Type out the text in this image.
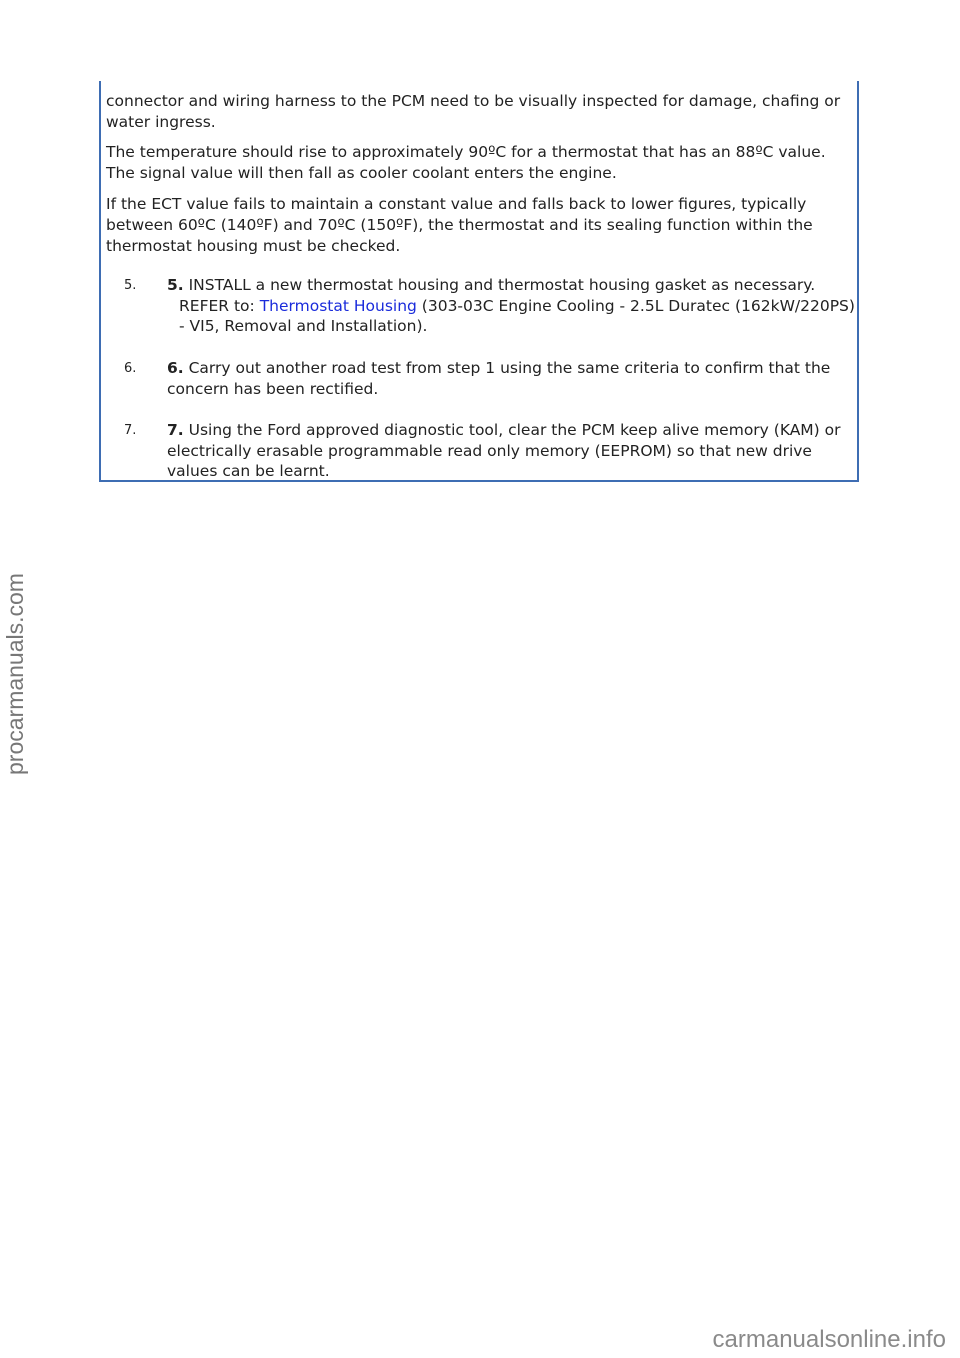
connector and wiring harness to the PCM need to be visually inspected for damage, chafing or water ingress.

The temperature should rise to approximately 90ºC for a thermostat that has an 88ºC value. The signal value will then fall as cooler coolant enters the engine.

If the ECT value fails to maintain a constant value and falls back to lower figures, typically between 60ºC (140ºF) and 70ºC (150ºF), the thermostat and its sealing function within the thermostat housing must be checked.

5. 5. INSTALL a new thermostat housing and thermostat housing gasket as necessary.
REFER to: Thermostat Housing (303-03C Engine Cooling - 2.5L Duratec (162kW/220PS) - VI5, Removal and Installation).
6. 6. Carry out another road test from step 1 using the same criteria to confirm that the concern has been rectified.
7. 7. Using the Ford approved diagnostic tool, clear the PCM keep alive memory (KAM) or electrically erasable programmable read only memory (EEPROM) so that new drive values can be learnt.
procarmanuals.com
carmanualsonline.info
